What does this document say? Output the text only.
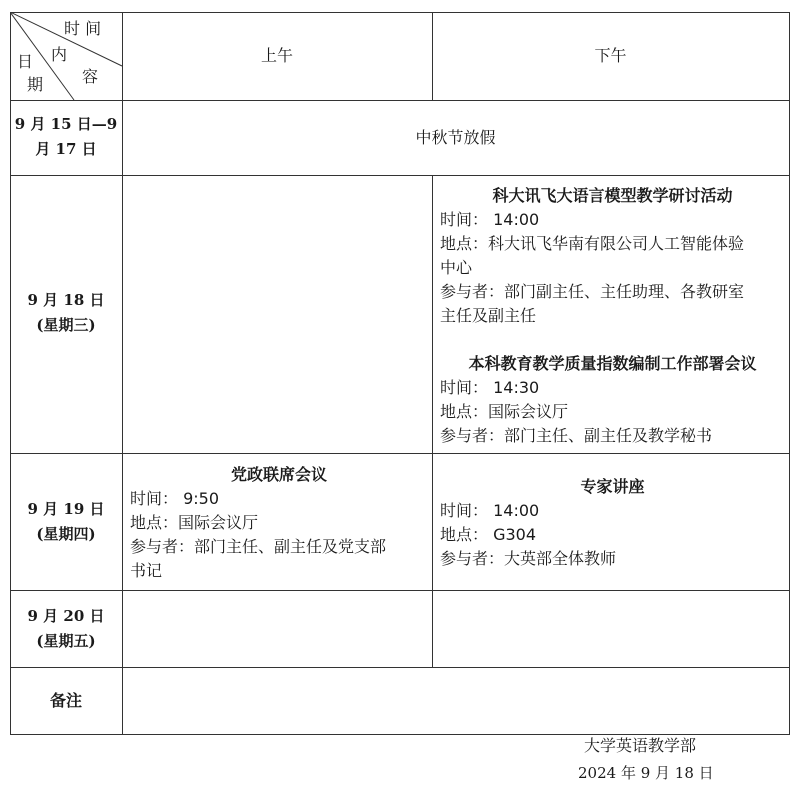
时 间
内
容
日
期
上午	下午
9 月 15 日—9
月 17 日
中秋节放假
9 月 18 日
(星期三)
科大讯飞大语言模型教学研讨活动
时间： 14:00
地点：科大讯飞华南有限公司人工智能体验
中心
参与者：部门副主任、主任助理、各教研室
主任及副主任
本科教育教学质量指数编制工作部署会议
时间： 14:30
地点：国际会议厅
参与者：部门主任、副主任及教学秘书
9 月 19 日
(星期四)
党政联席会议
时间： 9:50
地点：国际会议厅
参与者：部门主任、副主任及党支部
书记
专家讲座
时间： 14:00
地点： G304
参与者：大英部全体教师
9 月 20 日
(星期五)
备注
大学英语教学部
2024 年 9 月 18 日
